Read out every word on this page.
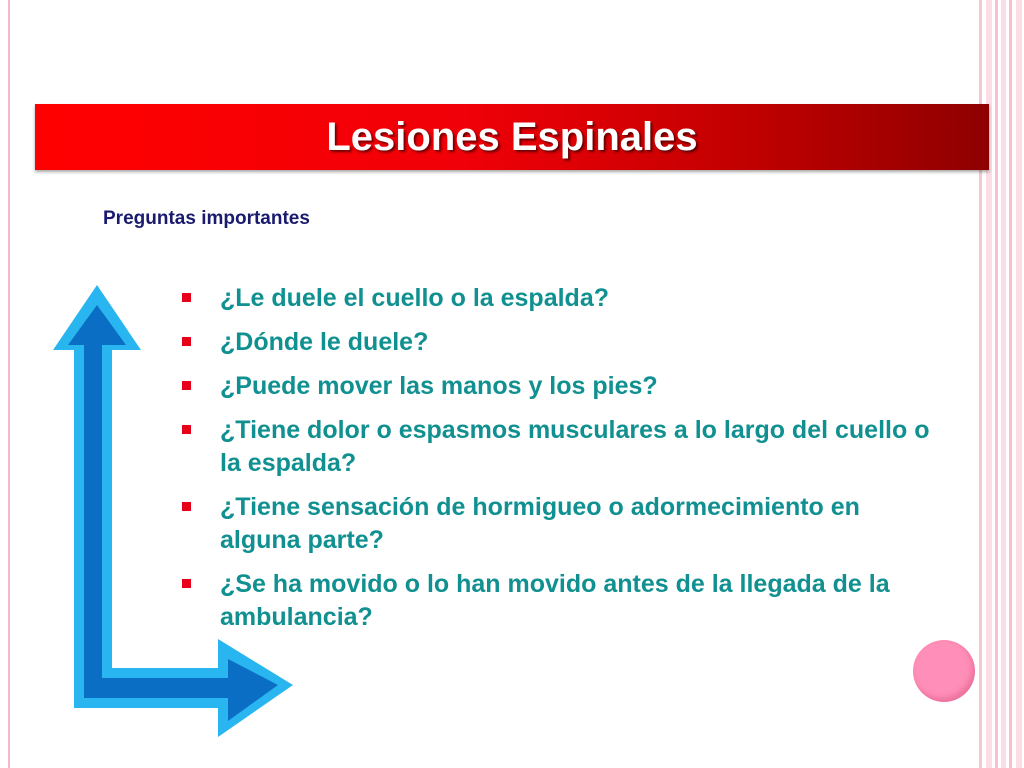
Lesiones Espinales
Preguntas importantes
¿Le duele el cuello o la espalda?
¿Dónde le duele?
¿Puede mover las manos y los pies?
¿Tiene dolor o espasmos musculares a lo largo del cuello o la espalda?
¿Tiene sensación de hormigueo o adormecimiento en alguna parte?
¿Se ha movido o lo han movido antes de la llegada de la ambulancia?
